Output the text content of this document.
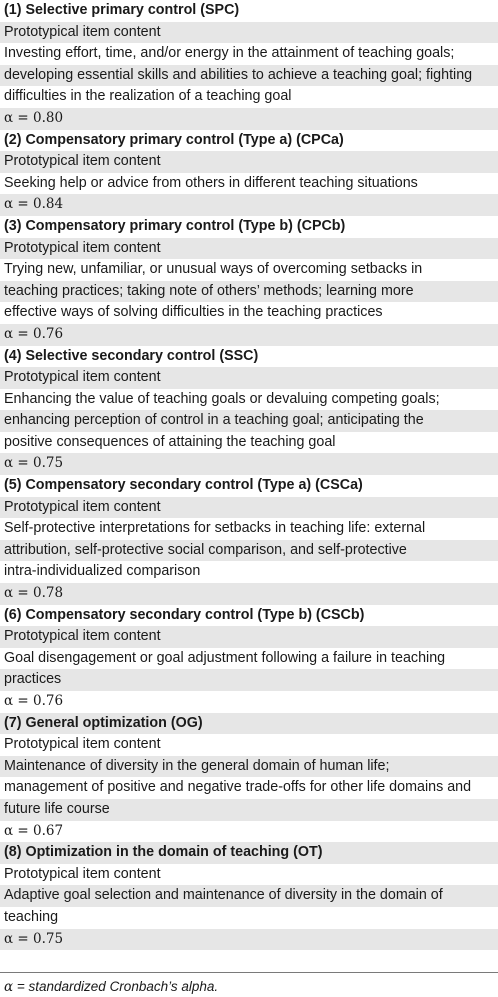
(1) Selective primary control (SPC)
Prototypical item content
Investing effort, time, and/or energy in the attainment of teaching goals;
developing essential skills and abilities to achieve a teaching goal; fighting
difficulties in the realization of a teaching goal
α = 0.80
(2) Compensatory primary control (Type a) (CPCa)
Prototypical item content
Seeking help or advice from others in different teaching situations
α = 0.84
(3) Compensatory primary control (Type b) (CPCb)
Prototypical item content
Trying new, unfamiliar, or unusual ways of overcoming setbacks in
teaching practices; taking note of others’ methods; learning more
effective ways of solving difficulties in the teaching practices
α = 0.76
(4) Selective secondary control (SSC)
Prototypical item content
Enhancing the value of teaching goals or devaluing competing goals;
enhancing perception of control in a teaching goal; anticipating the
positive consequences of attaining the teaching goal
α = 0.75
(5) Compensatory secondary control (Type a) (CSCa)
Prototypical item content
Self-protective interpretations for setbacks in teaching life: external
attribution, self-protective social comparison, and self-protective
intra-individualized comparison
α = 0.78
(6) Compensatory secondary control (Type b) (CSCb)
Prototypical item content
Goal disengagement or goal adjustment following a failure in teaching
practices
α = 0.76
(7) General optimization (OG)
Prototypical item content
Maintenance of diversity in the general domain of human life;
management of positive and negative trade-offs for other life domains and
future life course
α = 0.67
(8) Optimization in the domain of teaching (OT)
Prototypical item content
Adaptive goal selection and maintenance of diversity in the domain of
teaching
α = 0.75
α = standardized Cronbach’s alpha.
